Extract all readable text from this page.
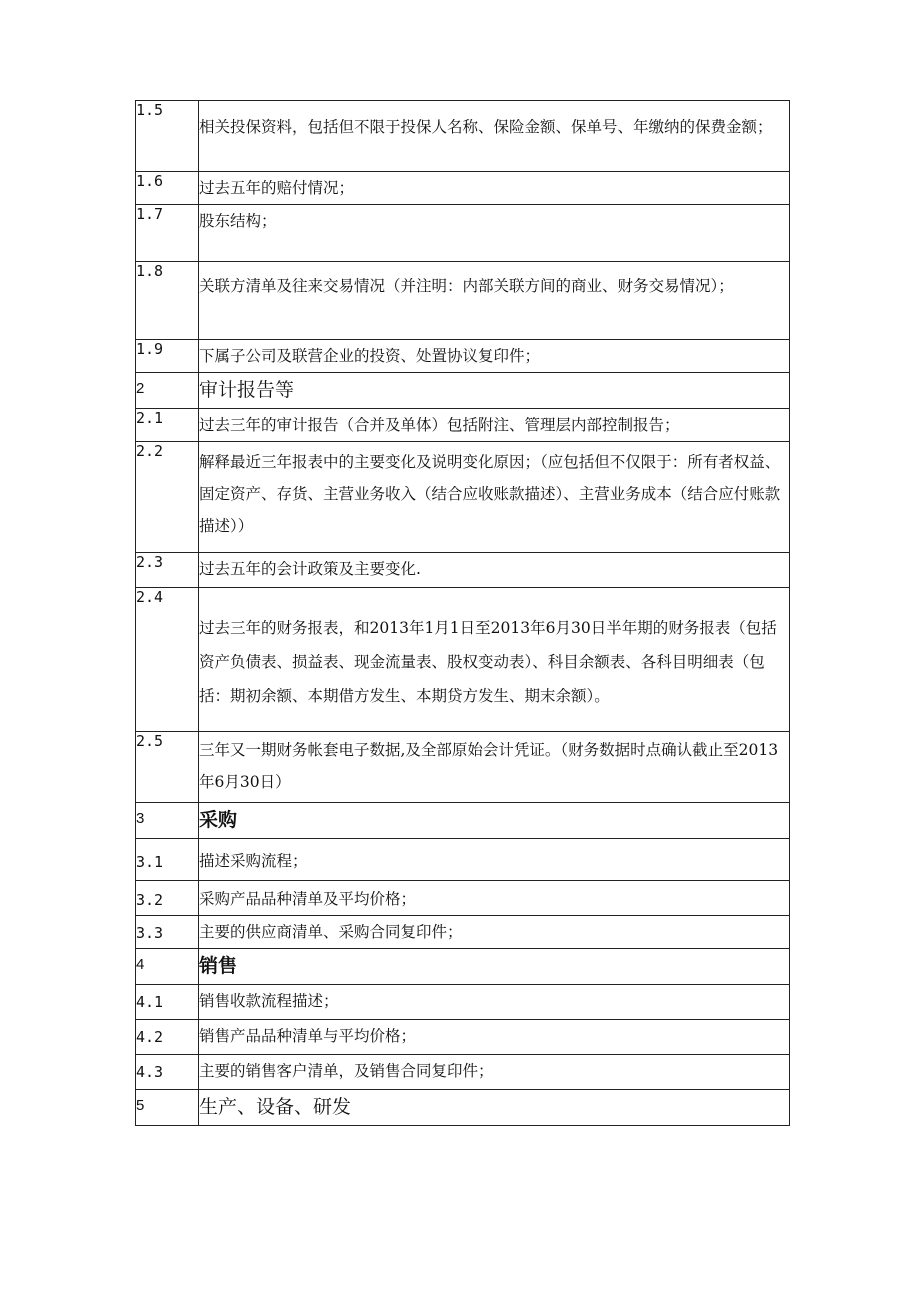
1.5	相关投保资料，包括但不限于投保人名称、保险金额、保单号、年缴纳的保费金额；
1.6	过去五年的赔付情况；
1.7	股东结构；
1.8	关联方清单及往来交易情况（并注明：内部关联方间的商业、财务交易情况）；
1.9	下属子公司及联营企业的投资、处置协议复印件；
2	审计报告等
2.1	过去三年的审计报告（合并及单体）包括附注、管理层内部控制报告；
2.2	解释最近三年报表中的主要变化及说明变化原因；（应包括但不仅限于：所有者权益、固定资产、存货、主营业务收入（结合应收账款描述）、主营业务成本（结合应付账款描述））
2.3	过去五年的会计政策及主要变化.
2.4	过去三年的财务报表，和2013年1月1日至2013年6月30日半年期的财务报表（包括资产负债表、损益表、现金流量表、股权变动表）、科目余额表、各科目明细表（包括：期初余额、本期借方发生、本期贷方发生、期末余额）。
2.5	三年又一期财务帐套电子数据,及全部原始会计凭证。（财务数据时点确认截止至2013年6月30日）
3	采购
3.1	描述采购流程；
3.2	采购产品品种清单及平均价格；
3.3	主要的供应商清单、采购合同复印件；
4	销售
4.1	销售收款流程描述；
4.2	销售产品品种清单与平均价格；
4.3	主要的销售客户清单，及销售合同复印件；
5	生产、设备、研发
